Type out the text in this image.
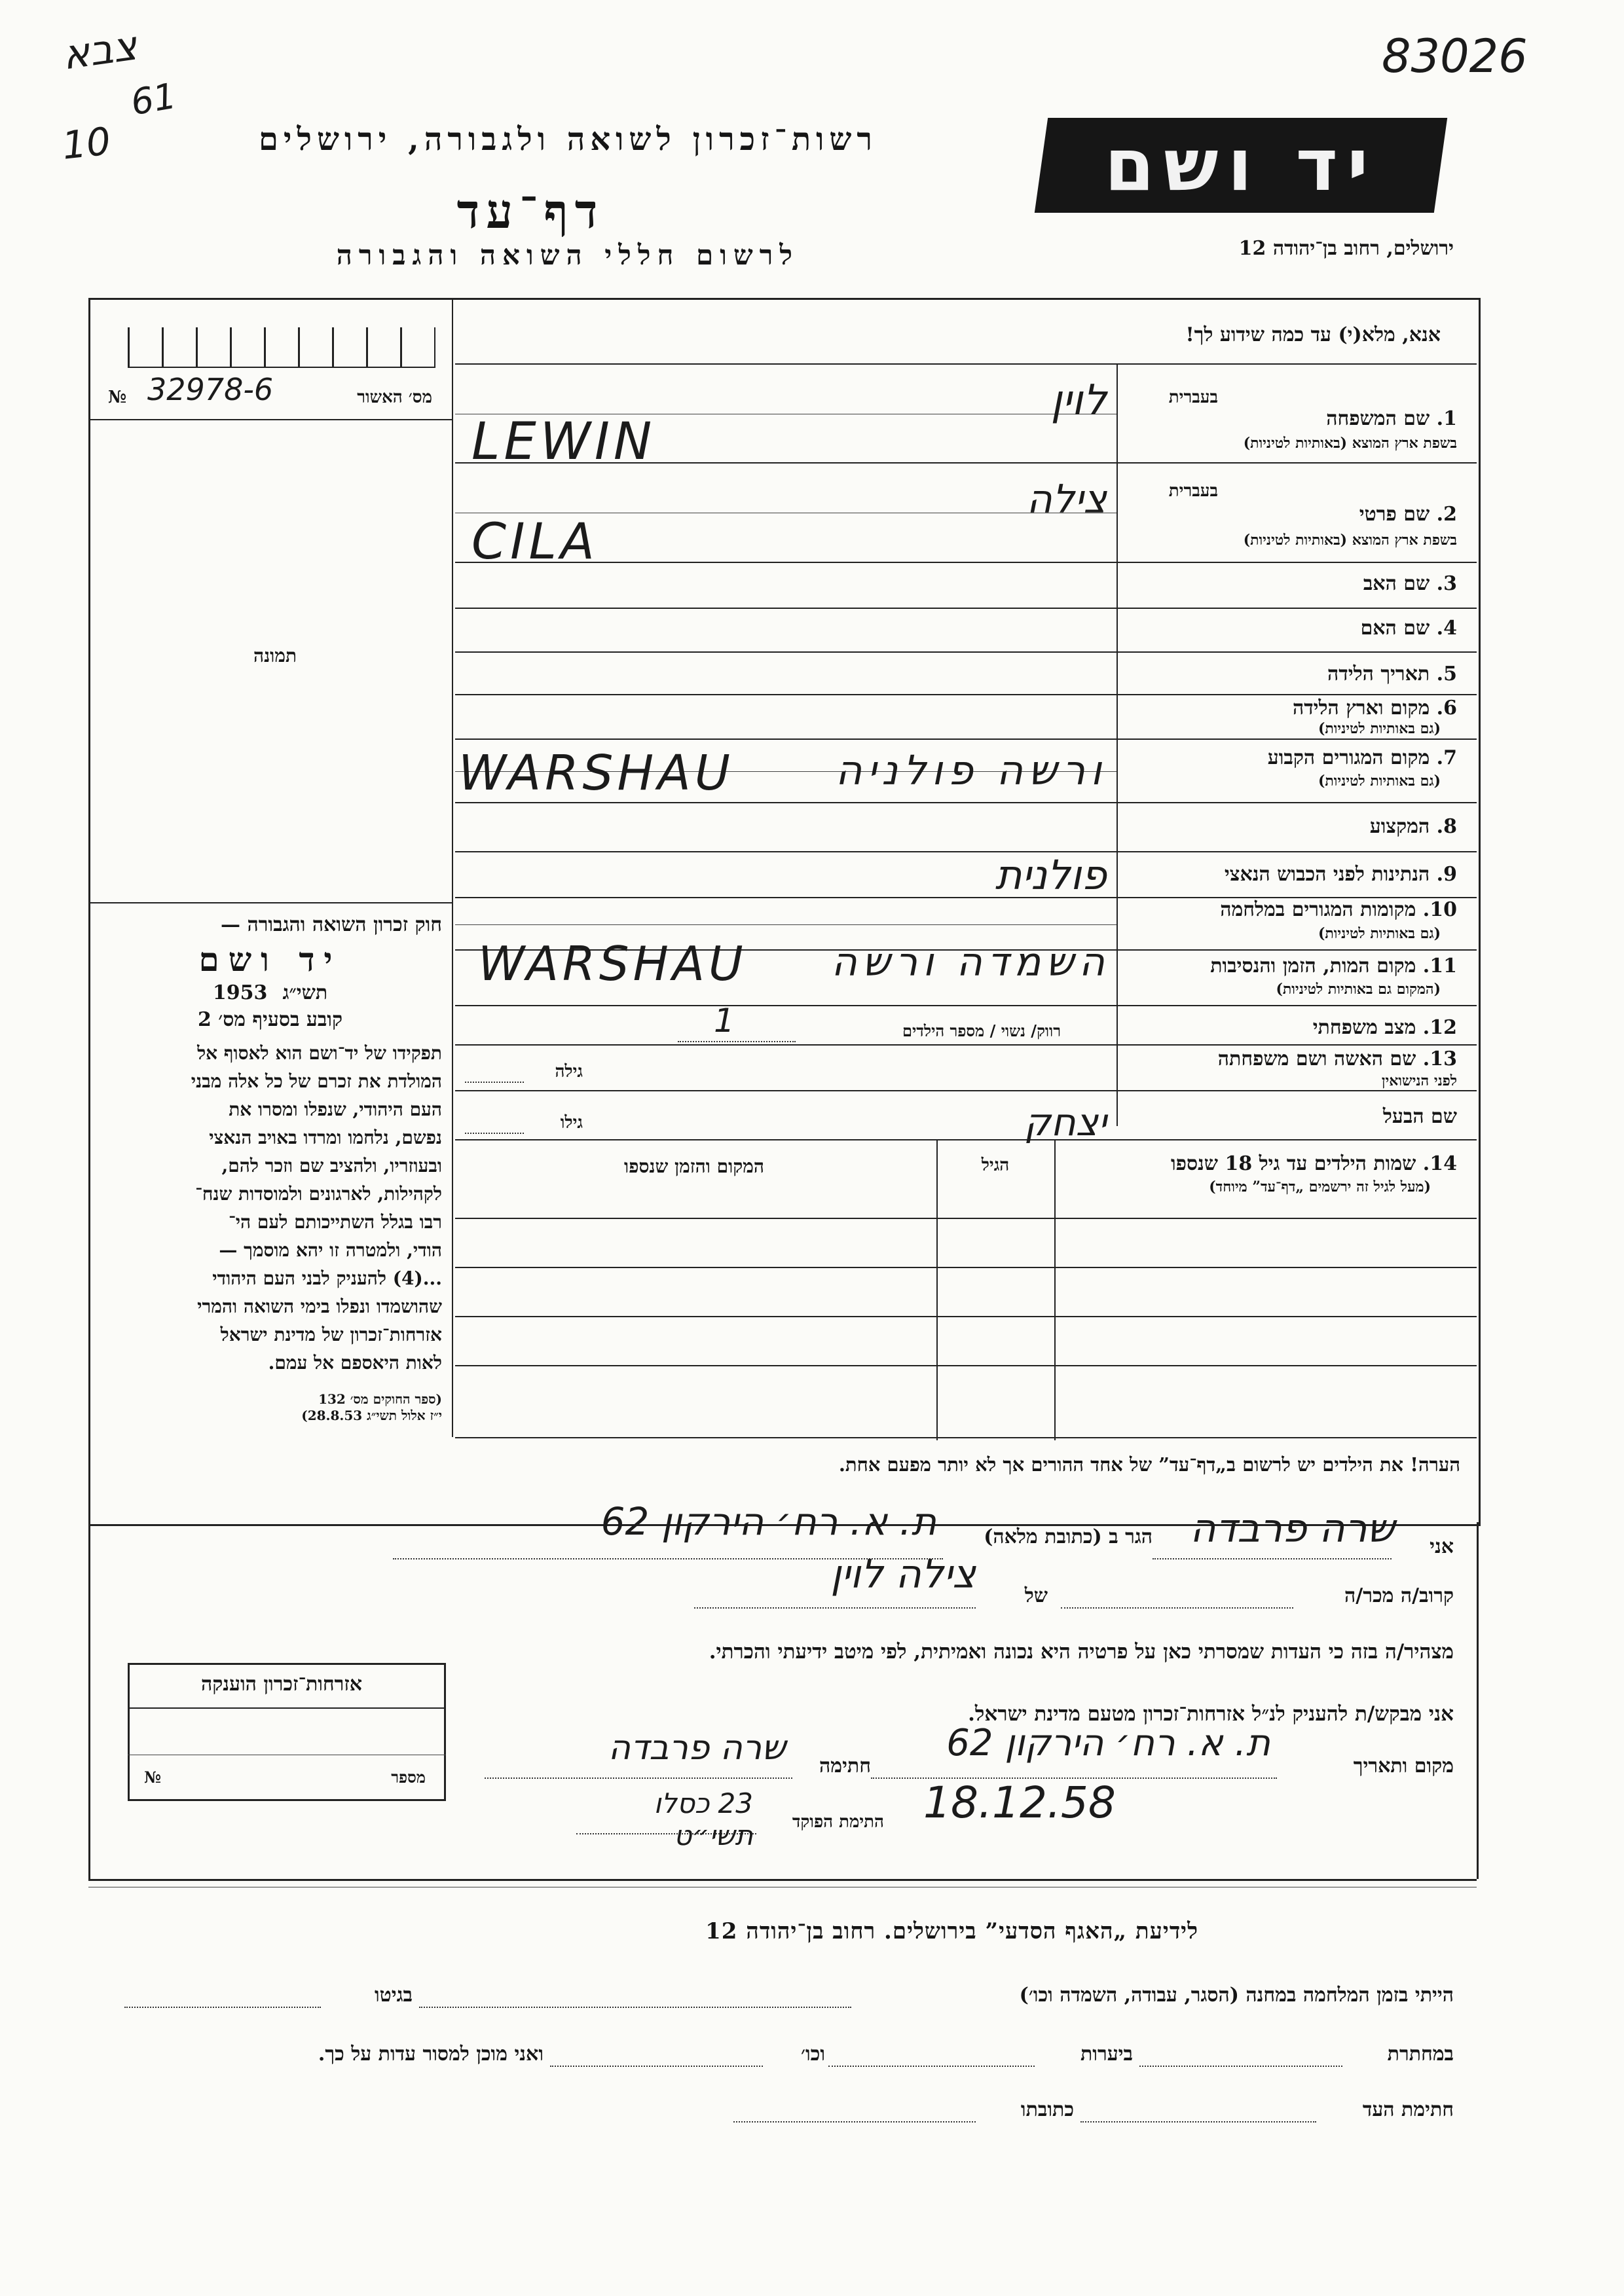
צבא
61
10
83026
רשות־זכרון לשואה ולגבורה, ירושלים
דף־עד
לרשום חללי השואה והגבורה
יד ושם
ירושלים, רחוב בן־יהודה 12
אנא, מלא(י) עד כמה שידוע לך!
מס׳ האשור
№ 32978-6
תמונה

חוק זכרון השואה והגבורה —

יד ושם

תשי״ג 1953

קובע בסעיף מס׳ 2

תפקידו של יד־ושם הוא לאסוף אל
המולדת את זכרם של כל אלה מבני
העם היהודי, שנפלו ומסרו את
נפשם, נלחמו ומרדו באויב הנאצי
ובעוזריו, ולהציב שם וזכר להם,
לקהילות, לארגונים ולמוסדות שנח־
רבו בגלל השתייכותם לעם הי־
הודי, ולמטרה זו יהא מוסמך —
...(4) להעניק לבני העם היהודי
שהושמדו ונפלו בימי השואה והמרי
אזרחות־זכרון של מדינת ישראל
לאות היאספם אל עמם.

(ספר החוקים מס׳ 132

י״ז אלול תשי״ג 28.8.53)

בעברית
1. שם המשפחה
בשפת ארץ המוצא (באותיות לטיניות)
בעברית
2. שם פרטי
בשפת ארץ המוצא (באותיות לטיניות)
3. שם האב
4. שם האם
5. תאריך הלידה
6. מקום וארץ הלידה
(גם באותיות לטיניות)
7. מקום המגורים הקבוע
(גם באותיות לטיניות)
8. המקצוע
9. הנתינות לפני הכבוש הנאצי
10. מקומות המגורים במלחמה
(גם באותיות לטיניות)
11. מקום המות, הזמן והנסיבות
(המקום גם באותיות לטיניות)
12. מצב משפחתי
13. שם האשה ושם משפחתה
לפני הנישואין
שם הבעל
רווק/ נשוי / מספר הילדים
1
גילה
גילו
לוין
LEWIN
צילה
CILA
ורשה פולניה
WARSHAU
פולנית
השמדה ורשה
WARSHAU
יצחק
14. שמות הילדים עד גיל 18 שנספו
(מעל לגיל זה ירשמים „דף־עד” מיוחד)
הגיל
המקום והזמן שנספו
הערה! את הילדים יש לרשום ב„דף־עד” של אחד ההורים אך לא יותר מפעם אחת.
אני
שרה פרבדה
הגר ב (כתובת מלאה)
ת. א. רח׳ הירקון 62
קרוב/ה מכר/ה
של
צילה לוין
מצהיר/ה בזה כי העדות שמסרתי כאן על פרטיה היא נכונה ואמיתית, לפי מיטב ידיעתי והכרתי.
אני מבקש/ת להעניק לנ״ל אזרחות־זכרון מטעם מדינת ישראל.
אזרחות־זכרון הוענקה
מספר
№	מקום ותאריך
ת. א. רח׳ הירקון 62
18.12.58
חתימה
שרה פרבדה
התימת הפוקד
23 כסלו תשי״ט
לידיעת „האגף הסדעי” בירושלים. רחוב בן־יהודה 12
הייתי בזמן המלחמה במחנה (הסגר, עבודה, השמדה וכו׳)
בגיטו
במחתרת
ביערות
וכו׳
ואני מוכן למסור עדות על כך.
חתימת העד
כתובתו
